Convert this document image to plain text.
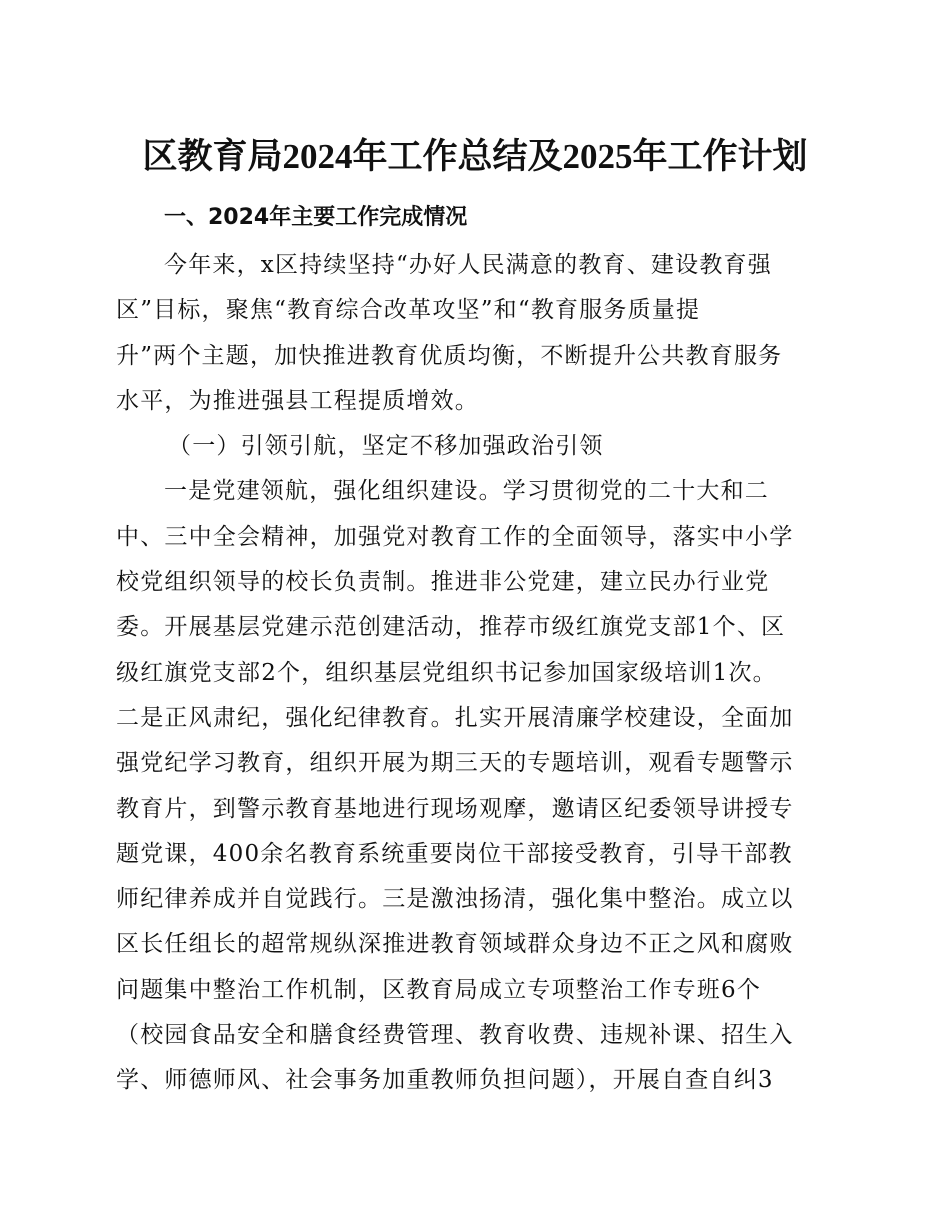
区教育局2024年工作总结及2025年工作计划
一、2024年主要工作完成情况
今年来，x区持续坚持“办好人民满意的教育、建设教育强
区”目标，聚焦“教育综合改革攻坚”和“教育服务质量提
升”两个主题，加快推进教育优质均衡，不断提升公共教育服务
水平，为推进强县工程提质增效。
（一）引领引航，坚定不移加强政治引领
一是党建领航，强化组织建设。学习贯彻党的二十大和二
中、三中全会精神，加强党对教育工作的全面领导，落实中小学
校党组织领导的校长负责制。推进非公党建，建立民办行业党
委。开展基层党建示范创建活动，推荐市级红旗党支部1个、区
级红旗党支部2个，组织基层党组织书记参加国家级培训1次。
二是正风肃纪，强化纪律教育。扎实开展清廉学校建设，全面加
强党纪学习教育，组织开展为期三天的专题培训，观看专题警示
教育片，到警示教育基地进行现场观摩，邀请区纪委领导讲授专
题党课，400余名教育系统重要岗位干部接受教育，引导干部教
师纪律养成并自觉践行。三是激浊扬清，强化集中整治。成立以
区长任组长的超常规纵深推进教育领域群众身边不正之风和腐败
问题集中整治工作机制，区教育局成立专项整治工作专班6个
（校园食品安全和膳食经费管理、教育收费、违规补课、招生入
学、师德师风、社会事务加重教师负担问题），开展自查自纠3
